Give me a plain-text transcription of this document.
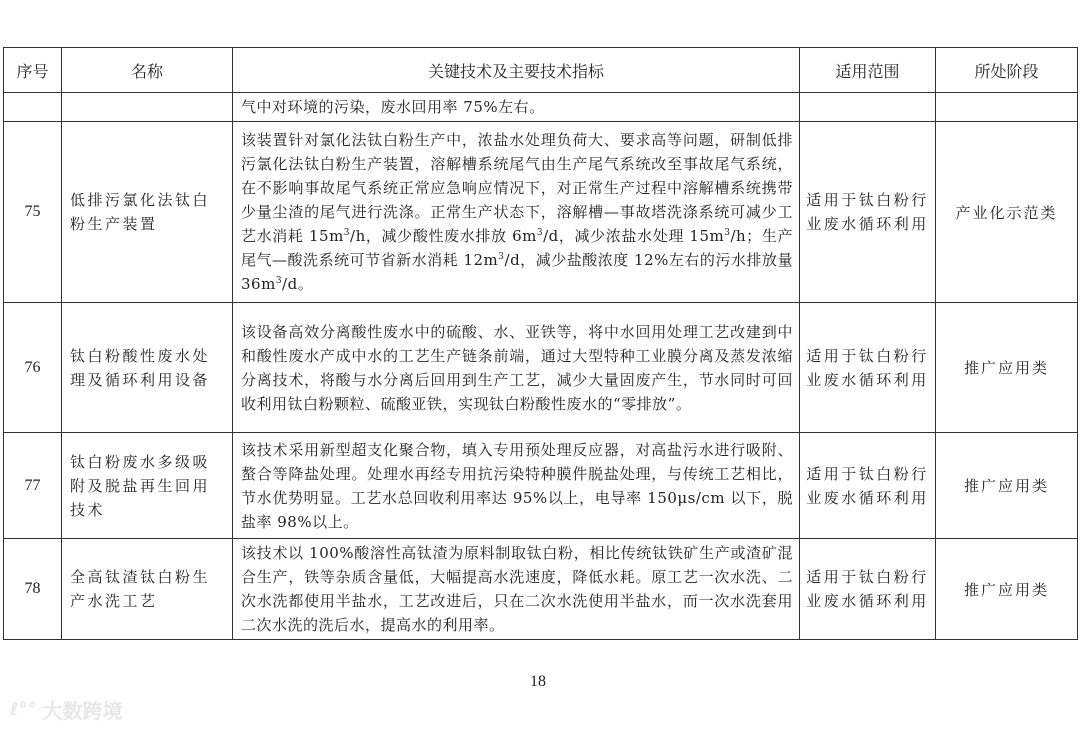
序号	名称	关键技术及主要技术指标	适用范围	所处阶段
		气中对环境的污染，废水回用率 75%左右。		
75	低排污氯化法钛白粉生产装置	该装置针对氯化法钛白粉生产中，浓盐水处理负荷大、要求高等问题，研制低排污氯化法钛白粉生产装置，溶解槽系统尾气由生产尾气系统改至事故尾气系统，在不影响事故尾气系统正常应急响应情况下，对正常生产过程中溶解槽系统携带少量尘渣的尾气进行洗涤。正常生产状态下，溶解槽—事故塔洗涤系统可减少工艺水消耗 $15m^3/h$，减少酸性废水排放 $6m^3/d$，减少浓盐水处理 $15m^3/h$；生产尾气—酸洗系统可节省新水消耗 $12m^3/d$，减少盐酸浓度 12%左右的污水排放量 $36m^3/d$。	适用于钛白粉行业废水循环利用	产业化示范类
76	钛白粉酸性废水处理及循环利用设备	该设备高效分离酸性废水中的硫酸、水、亚铁等，将中水回用处理工艺改建到中和酸性废水产成中水的工艺生产链条前端，通过大型特种工业膜分离及蒸发浓缩分离技术，将酸与水分离后回用到生产工艺，减少大量固废产生，节水同时可回收利用钛白粉颗粒、硫酸亚铁，实现钛白粉酸性废水的“零排放”。	适用于钛白粉行业废水循环利用	推广应用类
77	钛白粉废水多级吸附及脱盐再生回用技术	该技术采用新型超支化聚合物，填入专用预处理反应器，对高盐污水进行吸附、螯合等降盐处理。处理水再经专用抗污染特种膜件脱盐处理，与传统工艺相比，节水优势明显。工艺水总回收利用率达 95%以上，电导率 150μs/cm 以下，脱盐率 98%以上。	适用于钛白粉行业废水循环利用	推广应用类
78	全高钛渣钛白粉生产水洗工艺	该技术以 100%酸溶性高钛渣为原料制取钛白粉，相比传统钛铁矿生产或渣矿混合生产，铁等杂质含量低，大幅提高水洗速度，降低水耗。原工艺一次水洗、二次水洗都使用半盐水，工艺改进后，只在二次水洗使用半盐水，而一次水洗套用二次水洗的洗后水，提高水的利用率。	适用于钛白粉行业废水循环利用	推广应用类
18
ℓ°° 大数跨境
